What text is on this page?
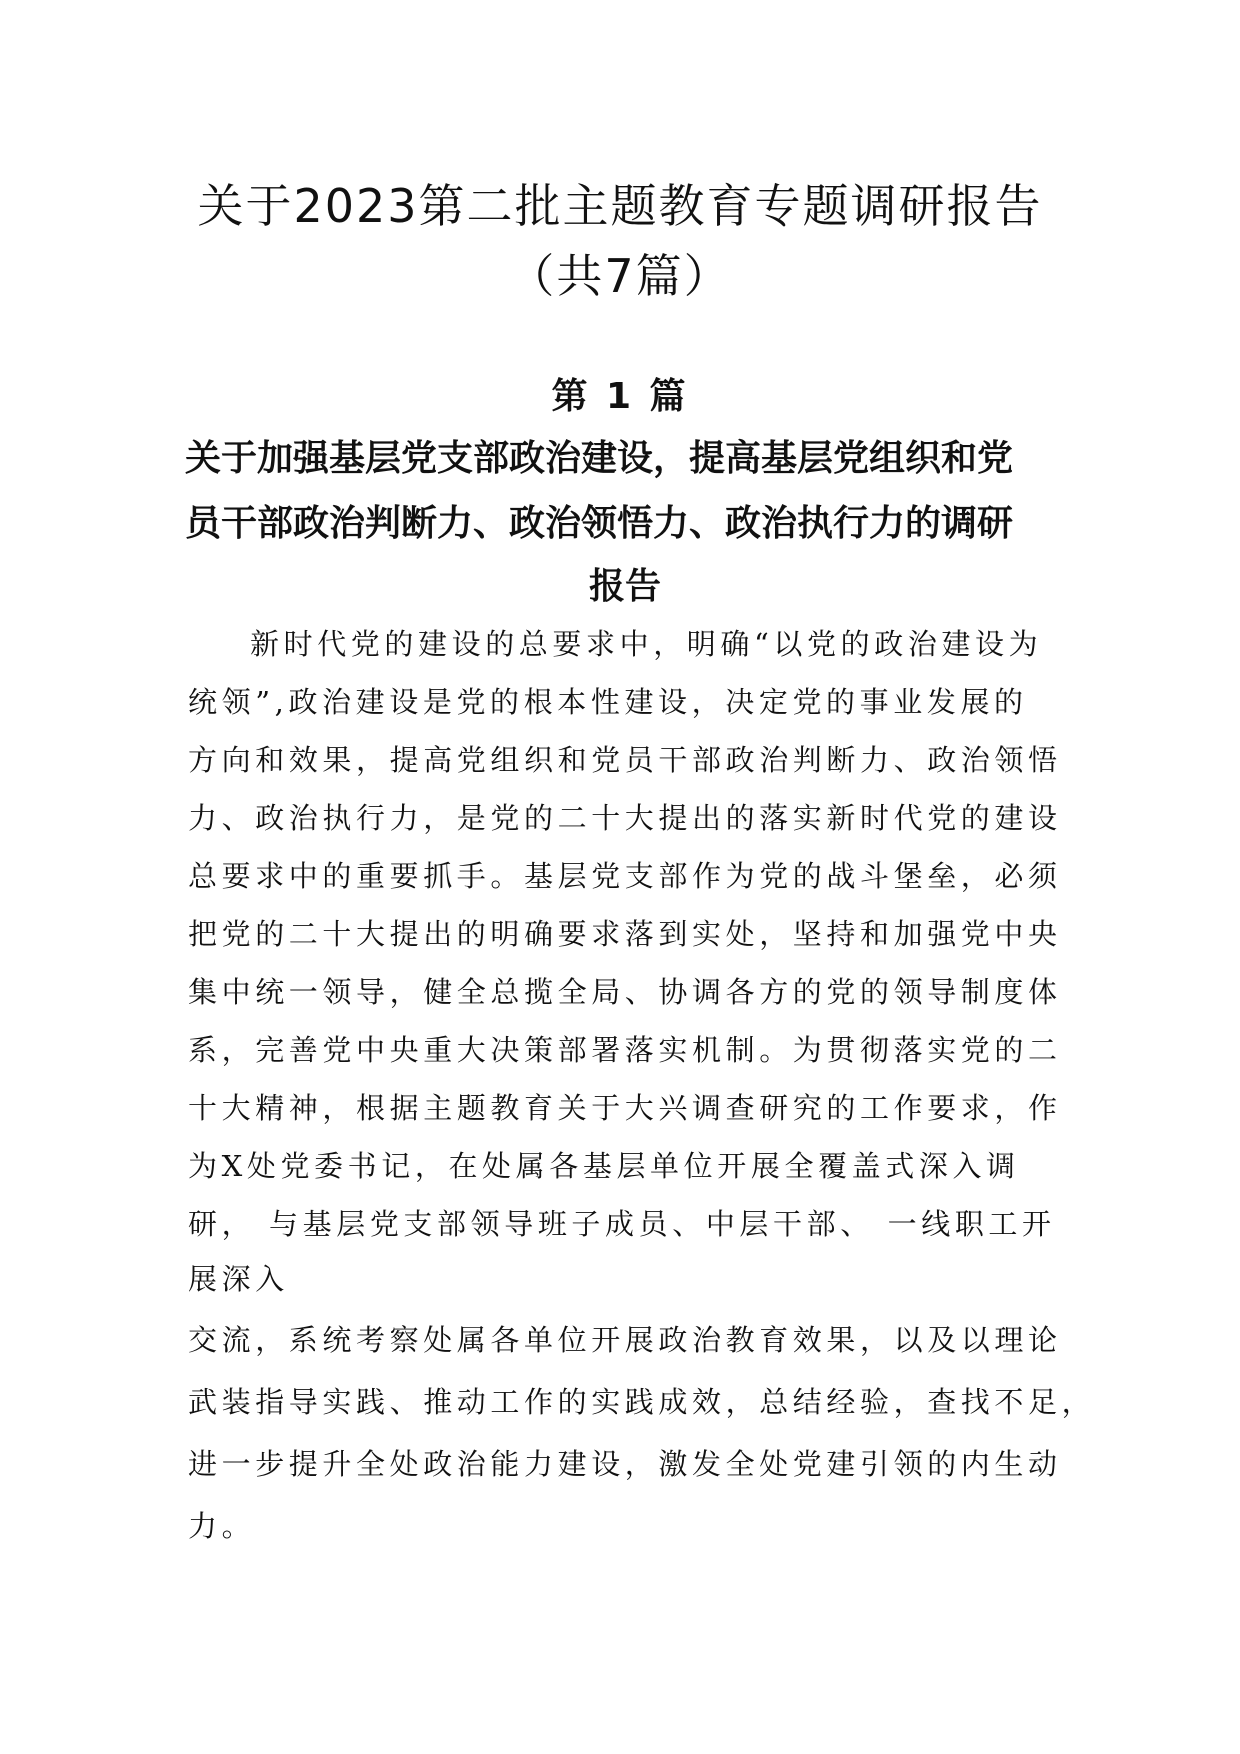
关于2023第二批主题教育专题调研报告
（共7篇）
第 1 篇
关于加强基层党支部政治建设，提高基层党组织和党
员干部政治判断力、政治领悟力、政治执行力的调研
报告
新时代党的建设的总要求中，明确“以党的政治建设为
统领”,政治建设是党的根本性建设，决定党的事业发展的
方向和效果，提高党组织和党员干部政治判断力、政治领悟
力、政治执行力，是党的二十大提出的落实新时代党的建设
总要求中的重要抓手。基层党支部作为党的战斗堡垒，必须
把党的二十大提出的明确要求落到实处，坚持和加强党中央
集中统一领导，健全总揽全局、协调各方的党的领导制度体
系，完善党中央重大决策部署落实机制。为贯彻落实党的二
十大精神，根据主题教育关于大兴调查研究的工作要求，作
为X处党委书记，在处属各基层单位开展全覆盖式深入调
研， 与基层党支部领导班子成员、中层干部、 一线职工开
展深入
交流，系统考察处属各单位开展政治教育效果，以及以理论
武装指导实践、推动工作的实践成效，总结经验，查找不足，
进一步提升全处政治能力建设，激发全处党建引领的内生动
力。
